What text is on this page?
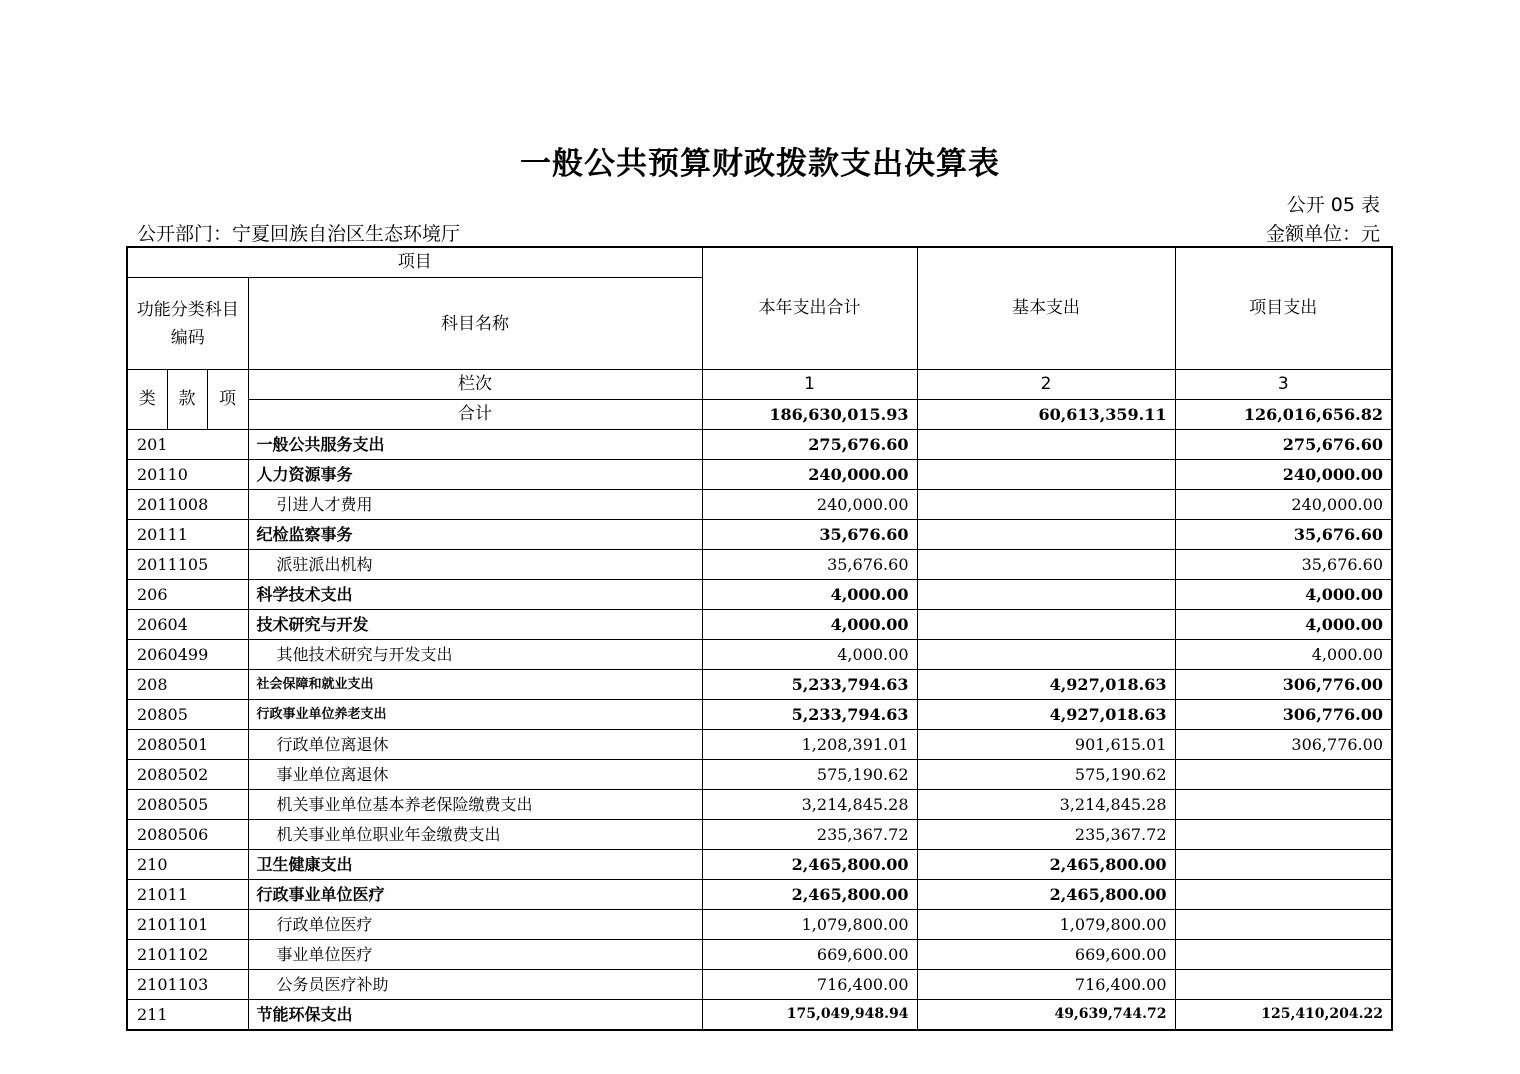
一般公共预算财政拨款支出决算表
公开 05 表
公开部门：宁夏回族自治区生态环境厅	金额单位：元
项目				本年支出合计	基本支出	项目支出
功能分类科目编码			科目名称			
类	款	项	栏次	1	2	3
			合计	186,630,015.93	60,613,359.11	126,016,656.82
201			一般公共服务支出	275,676.60		275,676.60
20110			人力资源事务	240,000.00		240,000.00
2011008			引进人才费用	240,000.00		240,000.00
20111			纪检监察事务	35,676.60		35,676.60
2011105			派驻派出机构	35,676.60		35,676.60
206			科学技术支出	4,000.00		4,000.00
20604			技术研究与开发	4,000.00		4,000.00
2060499			其他技术研究与开发支出	4,000.00		4,000.00
208			社会保障和就业支出	5,233,794.63	4,927,018.63	306,776.00
20805			行政事业单位养老支出	5,233,794.63	4,927,018.63	306,776.00
2080501			行政单位离退休	1,208,391.01	901,615.01	306,776.00
2080502			事业单位离退休	575,190.62	575,190.62	
2080505			机关事业单位基本养老保险缴费支出	3,214,845.28	3,214,845.28	
2080506			机关事业单位职业年金缴费支出	235,367.72	235,367.72	
210			卫生健康支出	2,465,800.00	2,465,800.00	
21011			行政事业单位医疗	2,465,800.00	2,465,800.00	
2101101			行政单位医疗	1,079,800.00	1,079,800.00	
2101102			事业单位医疗	669,600.00	669,600.00	
2101103			公务员医疗补助	716,400.00	716,400.00	
211			节能环保支出	175,049,948.94	49,639,744.72	125,410,204.22
